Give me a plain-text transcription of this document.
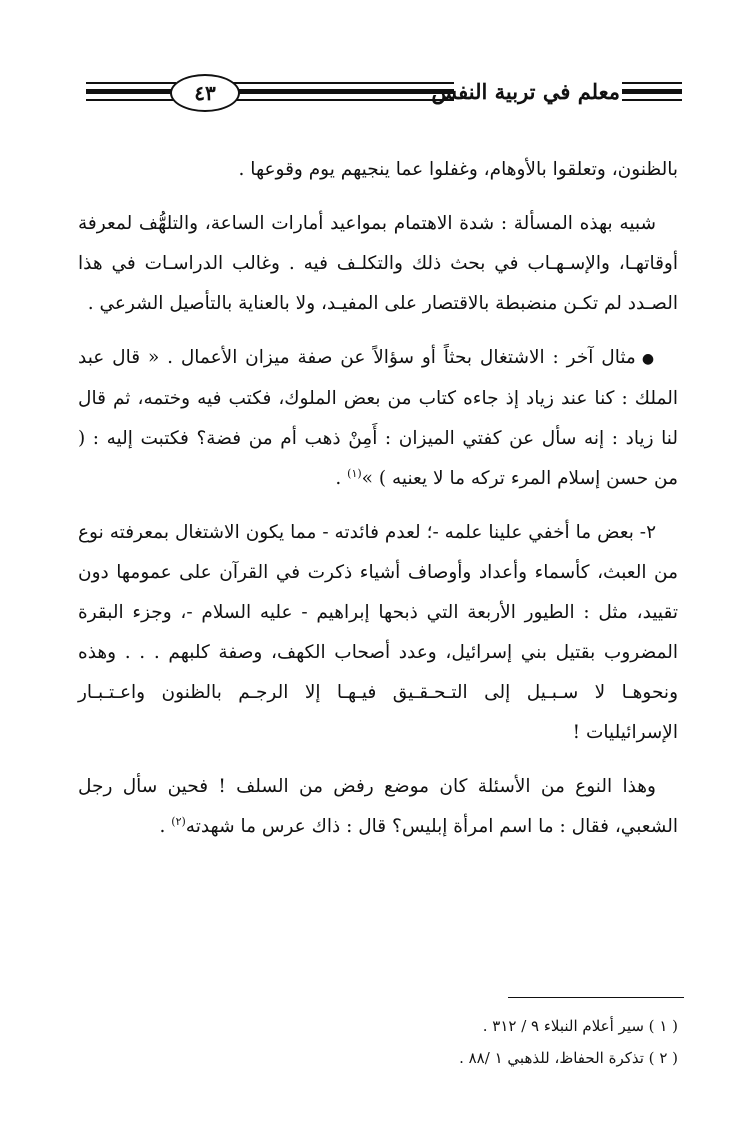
٤٣	معلم في تربية النفس

بالظنون، وتعلقوا بالأوهام، وغفلوا عما ينجيهم يوم وقوعها .

شبيه بهذه المسألة : شدة الاهتمام بمواعيد أمارات الساعة، والتلهُّف لمعرفة أوقاتهـا، والإسـهـاب في بحث ذلك والتكلـف فيه . وغالب الدراسـات في هذا الصـدد لم تكـن منضبطة بالاقتصار على المفيـد، ولا بالعناية بالتأصيل الشرعي .

●مثال آخر : الاشتغال بحثاً أو سؤالاً عن صفة ميزان الأعمال . « قال عبد الملك : كنا عند زياد إذ جاءه كتاب من بعض الملوك، فكتب فيه وختمه، ثم قال لنا زياد : إنه سأل عن كفتي الميزان : أَمِنْ ذهب أم من فضة؟ فكتبت إليه : ( من حسن إسلام المرء تركه ما لا يعنيه ) »$^{(١)}$ .

٢- بعض ما أخفي علينا علمه -؛ لعدم فائدته - مما يكون الاشتغال بمعرفته نوع من العبث، كأسماء وأعداد وأوصاف أشياء ذكرت في القرآن على عمومها دون تقييد، مثل : الطيور الأربعة التي ذبحها إبراهيم - عليه السلام -، وجزء البقرة المضروب بقتيل بني إسرائيل، وعدد أصحاب الكهف، وصفة كلبهم . . . وهذه ونحوهـا لا سـبـيل إلى التـحـقـيق فيـهـا إلا الرجـم بالظنون واعـتـبـار الإسرائيليات !

وهذا النوع من الأسئلة كان موضع رفض من السلف ! فحين سأل رجل الشعبي، فقال : ما اسم امرأة إبليس؟ قال : ذاك عرس ما شهدته$^{(٢)}$ .

( ١ ) سير أعلام النبلاء ٩ / ٣١٢ .
( ٢ ) تذكرة الحفاظ، للذهبي ١ /٨٨ .
